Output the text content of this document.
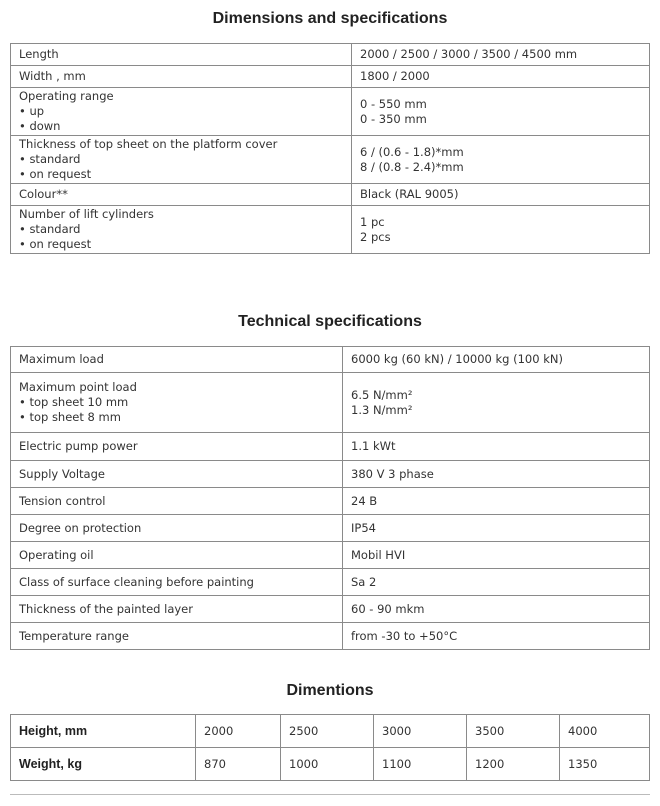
Dimensions and specifications
Length	2000 / 2500 / 3000 / 3500 / 4500 mm

Width , mm	1800 / 2000

Operating range
• up
• down	0 - 550 mm
0 - 350 mm

Thickness of top sheet on the platform cover
• standard
• on request	6 / (0.6 - 1.8)*mm
8 / (0.8 - 2.4)*mm

Colour**	Black (RAL 9005)

Number of lift cylinders
• standard
• on request	1 pc
2 pcs
Technical specifications
Maximum load	6000 kg (60 kN) / 10000 kg (100 kN)

Maximum point load
• top sheet 10 mm
• top sheet 8 mm	6.5 N/mm²
1.3 N/mm²

Electric pump power	1.1 kWt

Supply Voltage	380 V 3 phase

Tension control	24 B

Degree on protection	IP54

Operating oil	Mobil HVI

Class of surface cleaning before painting	Sa 2

Thickness of the painted layer	60 - 90 mkm

Temperature range	from -30 to +50°C
Dimentions
Height, mm	2000	2500	3000	3500	4000
Weight, kg	870	1000	1100	1200	1350
